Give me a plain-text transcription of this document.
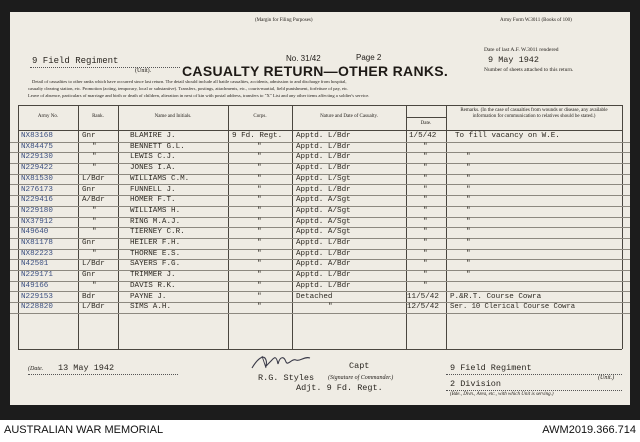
(Margin for Filing Purposes)	Army Form W.3011 (Books of 100)
9 Field Regiment
(Unit).
No. 31/42	Page 2
CASUALTY RETURN—OTHER RANKS.
Date of last A.F. W.3011 rendered
9 May 1942
Number of sheets attached to this return.
Detail of casualties to other ranks which have occurred since last return. The detail should include all battle casualties, accidents, admission to and discharge from hospital,
casualty clearing station, etc. Promotion (acting, temporary, local or substantive). Transfers, postings, attachments, etc., courts-martial, field punishment, forfeiture of pay, etc.
Leave of absence, particulars of marriage and birth or death of children, alteration in next of kin with postal address, transfers to "X" List and any other items affecting a soldier's service.
Army No.	Rank.	Name and Initials.	Corps.	Nature and Date of Casualty.
Date.
Remarks. (In the case of casualties from wounds or disease, any available information for communication to relatives should be stated.)
NX83168	Gnr	BLAMIRE J.	9 Fd. Regt. Apptd. L/Bdr	1/5/42 To fill vacancy on W.E.
NX84475	"	BENNETT G.L.	"	Apptd. L/Bdr	"
N229130	"	LEWIS C.J.	"	Apptd. L/Bdr	"	"
N229422	"	JONES I.A.	"	Apptd. L/Bdr	"	"
NX81530	L/Bdr	WILLIAMS C.M.	"	Apptd. L/Sgt	"	"
N276173	Gnr	FUNNELL J.	"	Apptd. L/Bdr	"	"
N229416	A/Bdr	HOMER F.T.	"	Apptd. A/Sgt	"	"
N229180	"	WILLIAMS H.	"	Apptd. A/Sgt	"	"
NX37912	"	RING M.A.J.	"	Apptd. A/Sgt	"	"
N49640	"	TIERNEY C.R.	"	Apptd. A/Sgt	"	"
NX81178	Gnr	HEILER F.H.	"	Apptd. L/Bdr	"	"
NX82223	"	THORNE E.S.	"	Apptd. L/Bdr	"	"
N42501	L/Bdr	SAYERS F.G.	"	Apptd. A/Bdr	"	"
N229171	Gnr	TRIMMER J.	"	Apptd. L/Bdr	"	"
N49166	"	DAVIS R.K.	"	Apptd. L/Bdr	"
N229153	Bdr	PAYNE J.	"	Detached	11/5/42 P.&R.T. Course Cowra
N228820	L/Bdr	SIMS A.H.	"	"	12/5/42 Ser. 10 Clerical Course Cowra
(Date. 13 May 1942	Capt
R.G. Styles (Signature of Commander.)
Adjt. 9 Fd. Regt.
9 Field Regiment
(Unit.)
2 Division
(Bde., Divn., Area, etc., with which Unit is serving.)
AUSTRALIAN WAR MEMORIAL	AWM2019.366.714
